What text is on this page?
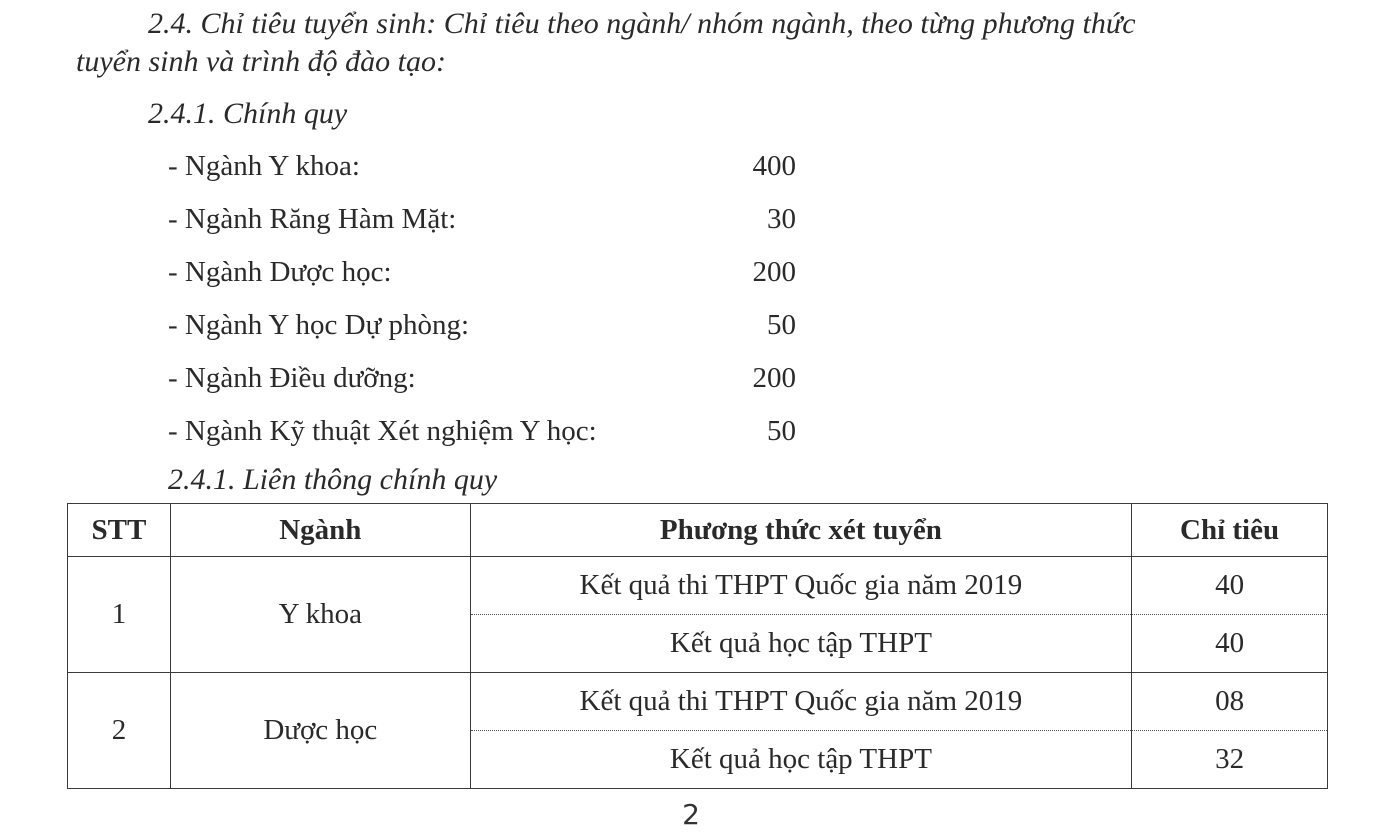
2.4. Chỉ tiêu tuyển sinh: Chỉ tiêu theo ngành/ nhóm ngành, theo từng phương thức
tuyển sinh và trình độ đào tạo:
2.4.1. Chính quy
- Ngành Y khoa:	400
- Ngành Răng Hàm Mặt:	30
- Ngành Dược học:	200
- Ngành Y học Dự phòng:	50
- Ngành Điều dưỡng:	200
- Ngành Kỹ thuật Xét nghiệm Y học:	50
2.4.1. Liên thông chính quy
STT	Ngành	Phương thức xét tuyển	Chỉ tiêu
1	Y khoa	Kết quả thi THPT Quốc gia năm 2019	40
		Kết quả học tập THPT	40
2	Dược học	Kết quả thi THPT Quốc gia năm 2019	08
		Kết quả học tập THPT	32
2
